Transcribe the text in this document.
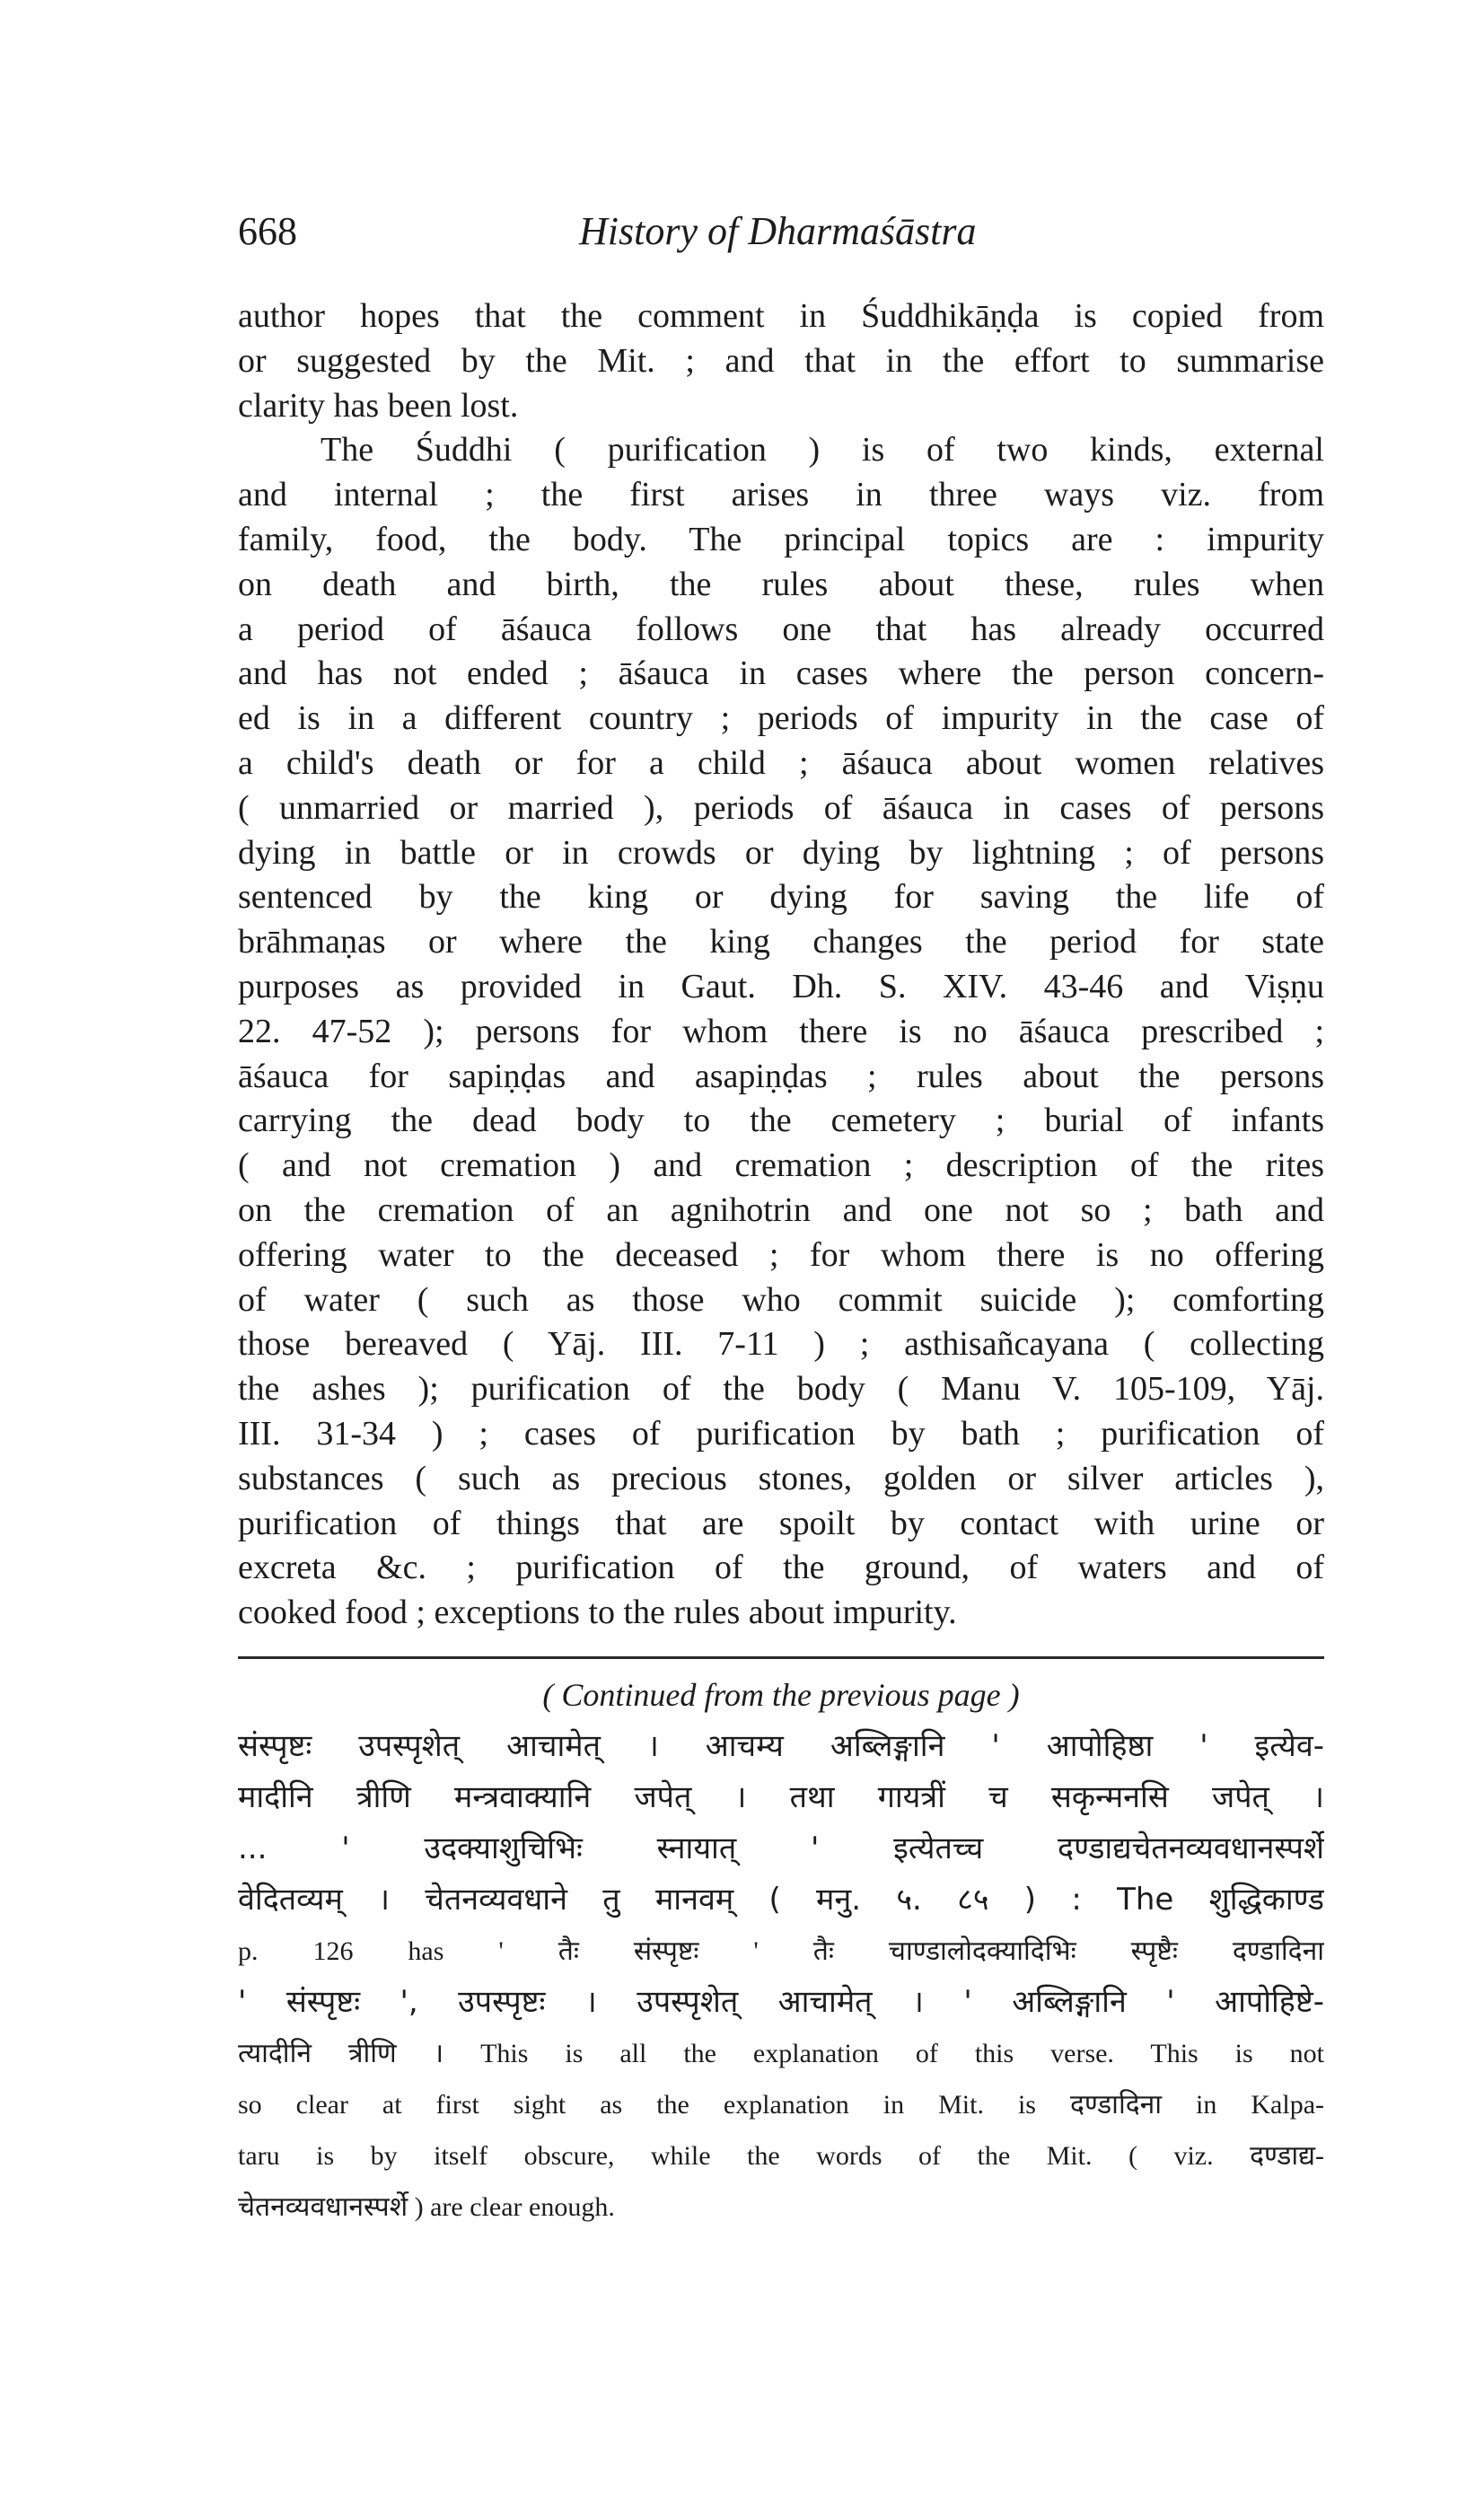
668	History of Dharmaśāstra
author hopes that the comment in Śuddhikāṇḍa is copied from
or suggested by the Mit. ; and that in the effort to summarise
clarity has been lost.
The Śuddhi ( purification ) is of two kinds, external
and internal ; the first arises in three ways viz. from
family, food, the body. The principal topics are : impurity
on death and birth, the rules about these, rules when
a period of āśauca follows one that has already occurred
and has not ended ; āśauca in cases where the person concern-
ed is in a different country ; periods of impurity in the case of
a child's death or for a child ; āśauca about women relatives
( unmarried or married ), periods of āśauca in cases of persons
dying in battle or in crowds or dying by lightning ; of persons
sentenced by the king or dying for saving the life of
brāhmaṇas or where the king changes the period for state
purposes as provided in Gaut. Dh. S. XIV. 43-46 and Viṣṇu
22. 47-52 ); persons for whom there is no āśauca prescribed ;
āśauca for sapiṇḍas and asapiṇḍas ; rules about the persons
carrying the dead body to the cemetery ; burial of infants
( and not cremation ) and cremation ; description of the rites
on the cremation of an agnihotrin and one not so ; bath and
offering water to the deceased ; for whom there is no offering
of water ( such as those who commit suicide ); comforting
those bereaved ( Yāj. III. 7-11 ) ; asthisañcayana ( collecting
the ashes ); purification of the body ( Manu V. 105-109, Yāj.
III. 31-34 ) ; cases of purification by bath ; purification of
substances ( such as precious stones, golden or silver articles ),
purification of things that are spoilt by contact with urine or
excreta &c. ; purification of the ground, of waters and of
cooked food ; exceptions to the rules about impurity.
( Continued from the previous page )
संस्पृष्टः उपस्पृशेत् आचामेत् । आचम्य अब्लिङ्गानि ' आपोहिष्ठा ' इत्येव-
मादीनि त्रीणि मन्त्रवाक्यानि जपेत् । तथा गायत्रीं च सकृन्मनसि जपेत् ।
... ' उदक्याशुचिभिः स्नायात् ' इत्येतच्च दण्डाद्यचेतनव्यवधानस्पर्शे
वेदितव्यम् । चेतनव्यवधाने तु मानवम् ( मनु. ५. ८५ ) : The शुद्धिकाण्ड
p. 126 has ' तैः संस्पृष्टः ' तैः चाण्डालोदक्यादिभिः स्पृष्टैः दण्डादिना
' संस्पृष्टः ', उपस्पृष्टः । उपस्पृशेत् आचामेत् । ' अब्लिङ्गानि ' आपोहिष्टे-
त्यादीनि त्रीणि । This is all the explanation of this verse. This is not
so clear at first sight as the explanation in Mit. is दण्डादिना in Kalpa-
taru is by itself obscure, while the words of the Mit. ( viz. दण्डाद्य-
चेतनव्यवधानस्पर्शे ) are clear enough.
